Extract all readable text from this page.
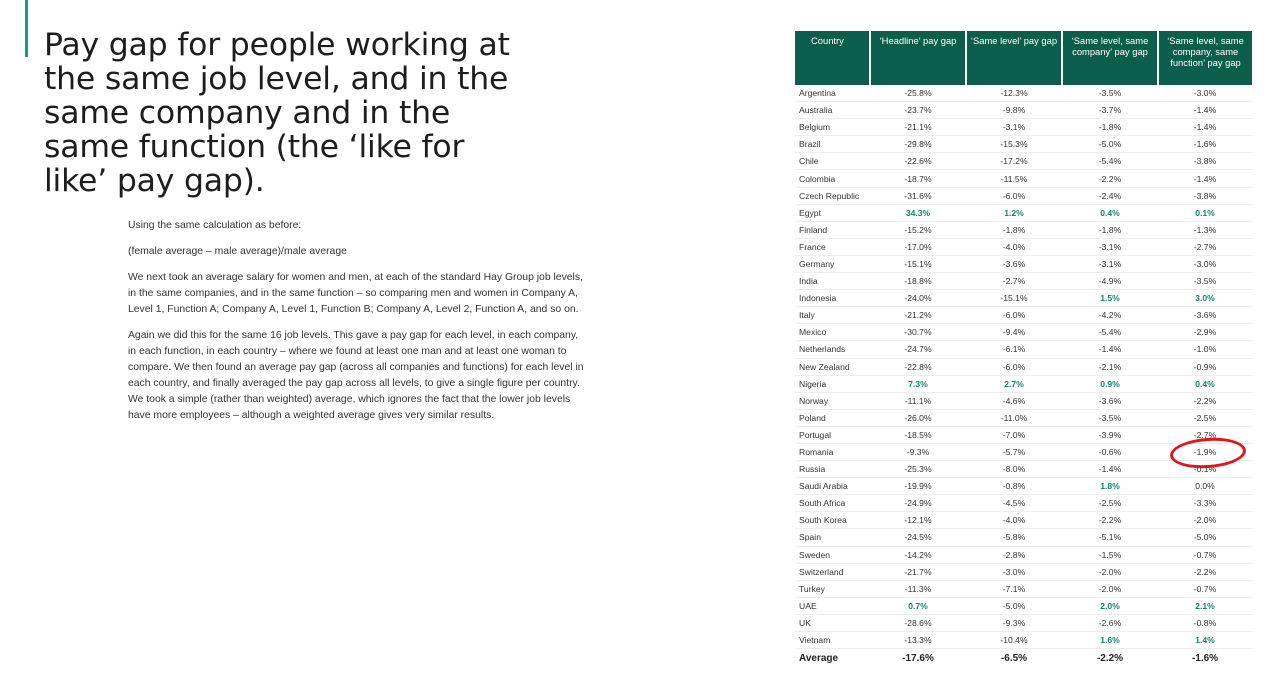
Pay gap for people working at the same job level, and in the same company and in the same function (the ‘like for like’ pay gap).

Using the same calculation as before:

(female average – male average)/male average

We next took an average salary for women and men, at each of the standard Hay Group job levels, in the same companies, and in the same function – so comparing men and women in Company A, Level 1, Function A; Company A, Level 1, Function B; Company A, Level 2, Function A, and so on.

Again we did this for the same 16 job levels. This gave a pay gap for each level, in each company, in each function, in each country – where we found at least one man and at least one woman to compare. We then found an average pay gap (across all companies and functions) for each level in each country, and finally averaged the pay gap across all levels, to give a single figure per country. We took a simple (rather than weighted) average, which ignores the fact that the lower job levels have more employees – although a weighted average gives very similar results.

Country	‘Headline’ pay gap	‘Same level’ pay gap	‘Same level, same company’ pay gap	‘Same level, same company, same function’ pay gap
Argentina	-25.8%	-12.3%	-3.5%	-3.0%
Australia	-23.7%	-9.8%	-3.7%	-1.4%
Belgium	-21.1%	-3.1%	-1.8%	-1.4%
Brazil	-29.8%	-15.3%	-5.0%	-1.6%
Chile	-22.6%	-17.2%	-5.4%	-3.8%
Colombia	-18.7%	-11.5%	-2.2%	-1.4%
Czech Republic	-31.6%	-6.0%	-2.4%	-3.8%
Egypt	34.3%	1.2%	0.4%	0.1%
Finland	-15.2%	-1.8%	-1.8%	-1.3%
France	-17.0%	-4.0%	-3.1%	-2.7%
Germany	-15.1%	-3.6%	-3.1%	-3.0%
India	-18.8%	-2.7%	-4.9%	-3.5%
Indonesia	-24.0%	-15.1%	1.5%	3.0%
Italy	-21.2%	-6.0%	-4.2%	-3.6%
Mexico	-30.7%	-9.4%	-5.4%	-2.9%
Netherlands	-24.7%	-6.1%	-1.4%	-1.0%
New Zealand	-22.8%	-6.0%	-2.1%	-0.9%
Nigeria	7.3%	2.7%	0.9%	0.4%
Norway	-11.1%	-4.6%	-3.6%	-2.2%
Poland	-26.0%	-11.0%	-3.5%	-2.5%
Portugal	-18.5%	-7.0%	-3.9%	-2.7%
Romania	-9.3%	-5.7%	-0.6%	-1.9%
Russia	-25.3%	-8.0%	-1.4%	-0.1%
Saudi Arabia	-19.9%	-0.8%	1.8%	0.0%
South Africa	-24.9%	-4.5%	-2.5%	-3.3%
South Korea	-12.1%	-4.0%	-2.2%	-2.0%
Spain	-24.5%	-5.8%	-5.1%	-5.0%
Sweden	-14.2%	-2.8%	-1.5%	-0.7%
Switzerland	-21.7%	-3.0%	-2.0%	-2.2%
Turkey	-11.3%	-7.1%	-2.0%	-0.7%
UAE	0.7%	-5.0%	2.0%	2.1%
UK	-28.6%	-9.3%	-2.6%	-0.8%
Vietnam	-13.3%	-10.4%	1.6%	1.4%
Average	-17.6%	-6.5%	-2.2%	-1.6%
